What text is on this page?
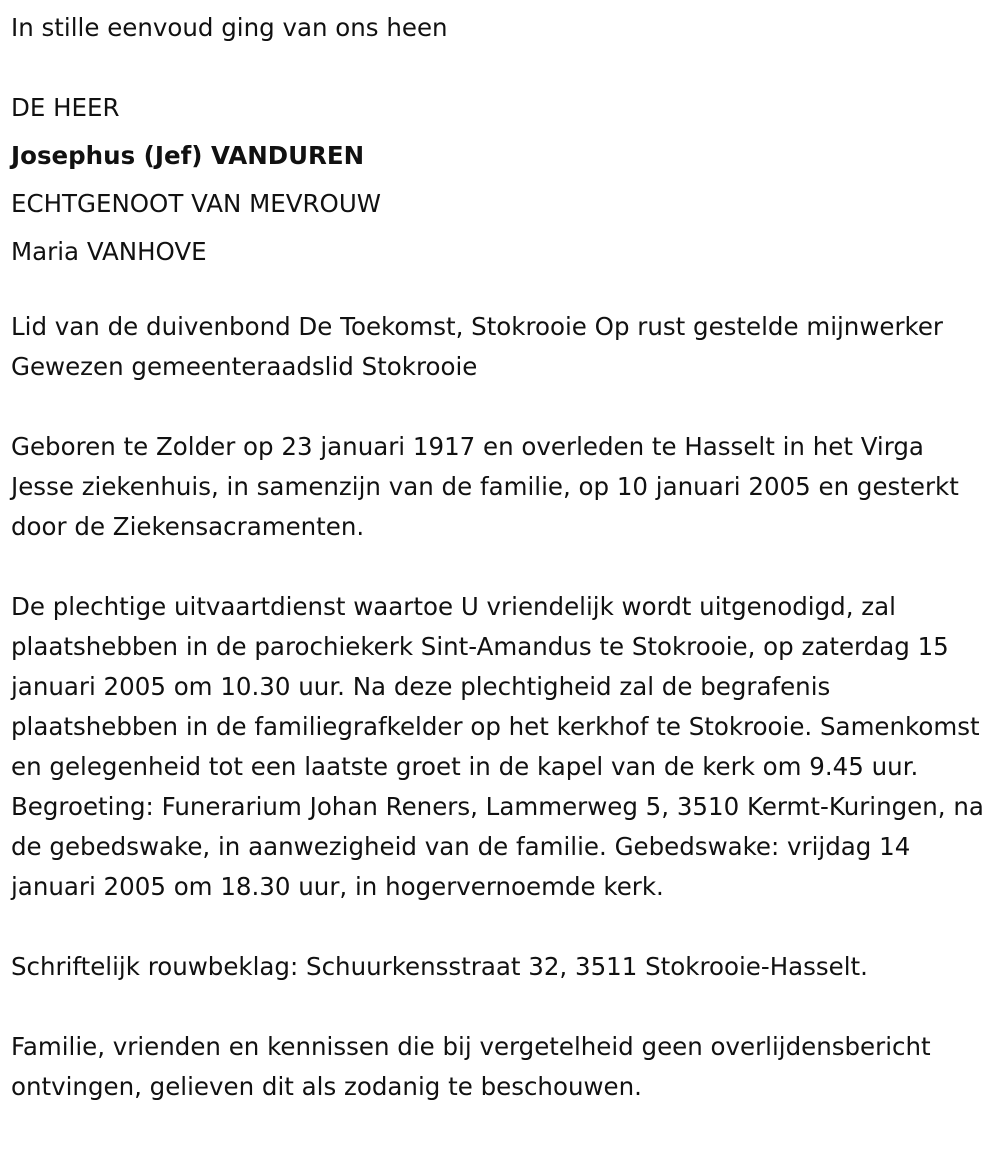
In stille eenvoud ging van ons heen

DE HEER

Josephus (Jef) VANDUREN

ECHTGENOOT VAN MEVROUW

Maria VANHOVE

Lid van de duivenbond De Toekomst, Stokrooie Op rust gestelde mijnwerker Gewezen gemeenteraadslid Stokrooie

Geboren te Zolder op 23 januari 1917 en overleden te Hasselt in het Virga Jesse ziekenhuis, in samenzijn van de familie, op 10 januari 2005 en gesterkt door de Ziekensacramenten.

De plechtige uitvaartdienst waartoe U vriendelijk wordt uitgenodigd, zal plaatshebben in de parochiekerk Sint-Amandus te Stokrooie, op zaterdag 15 januari 2005 om 10.30 uur. Na deze plechtigheid zal de begrafenis plaatshebben in de familiegrafkelder op het kerkhof te Stokrooie. Samenkomst en gelegenheid tot een laatste groet in de kapel van de kerk om 9.45 uur. Begroeting: Funerarium Johan Reners, Lammerweg 5, 3510 Kermt-Kuringen, na de gebedswake, in aanwezigheid van de familie. Gebedswake: vrijdag 14 januari 2005 om 18.30 uur, in hogervernoemde kerk.

Schriftelijk rouwbeklag: Schuurkensstraat 32, 3511 Stokrooie-Hasselt.

Familie, vrienden en kennissen die bij vergetelheid geen overlijdensbericht ontvingen, gelieven dit als zodanig te beschouwen.
